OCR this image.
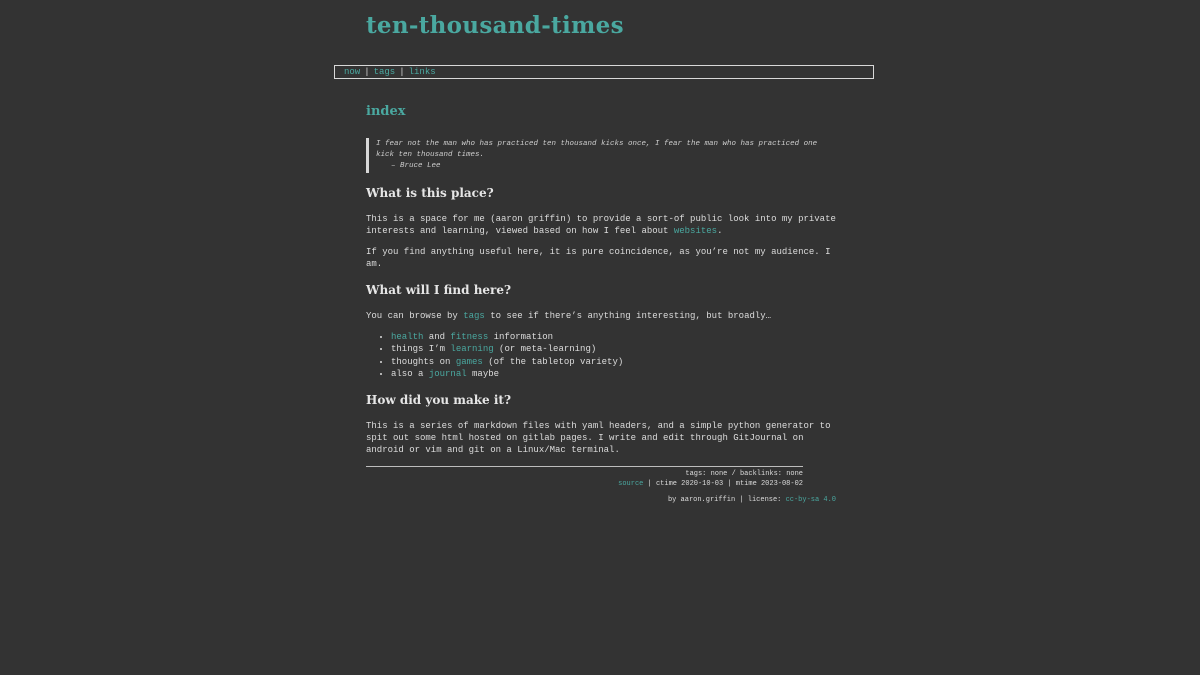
ten-thousand-times
now | tags | links
index
I fear not the man who has practiced ten thousand kicks once, I fear the man who has practiced one kick ten thousand times.
– Bruce Lee
What is this place?

This is a space for me (aaron griffin) to provide a sort-of public look into my private interests and learning, viewed based on how I feel about websites.

If you find anything useful here, it is pure coincidence, as you’re not my audience. I am.

What will I find here?

You can browse by tags to see if there’s anything interesting, but broadly…

• health and fitness information
• things I’m learning (or meta-learning)
• thoughts on games (of the tabletop variety)
• also a journal maybe
How did you make it?

This is a series of markdown files with yaml headers, and a simple python generator to spit out some html hosted on gitlab pages. I write and edit through GitJournal on android or vim and git on a Linux/Mac terminal.

tags: none / backlinks: none
source | ctime 2020-10-03 | mtime 2023-08-02
by aaron.griffin | license: cc-by-sa 4.0
